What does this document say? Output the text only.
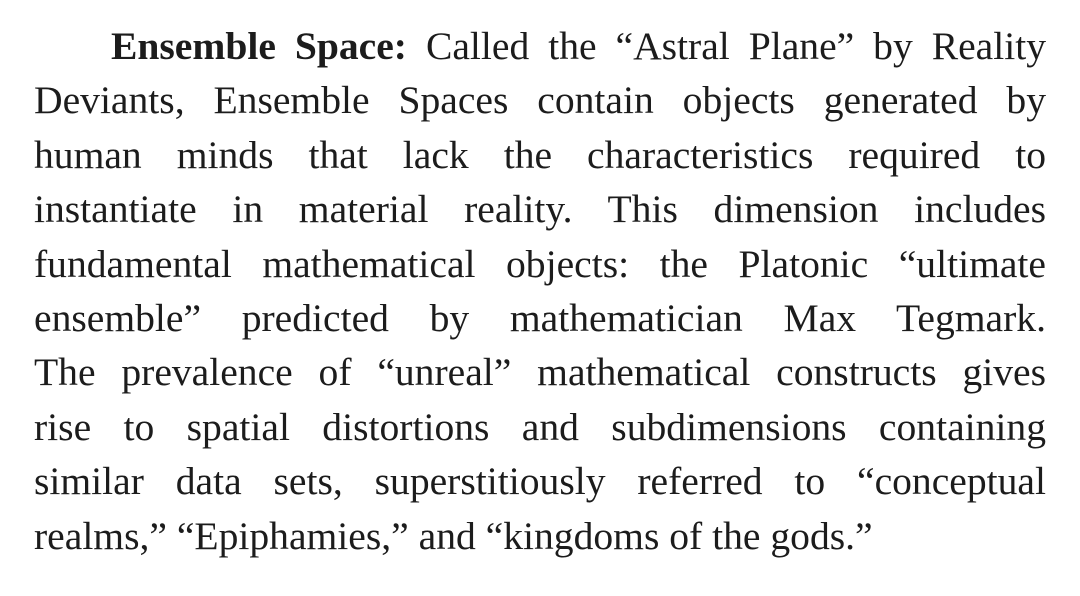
Ensemble Space: Called the “Astral Plane” by Reality
Deviants, Ensemble Spaces contain objects generated by
human minds that lack the characteristics required to
instantiate in material reality. This dimension includes
fundamental mathematical objects: the Platonic “ultimate
ensemble” predicted by mathematician Max Tegmark.
The prevalence of “unreal” mathematical constructs gives
rise to spatial distortions and subdimensions containing
similar data sets, superstitiously referred to “conceptual
realms,” “Epiphamies,” and “kingdoms of the gods.”
